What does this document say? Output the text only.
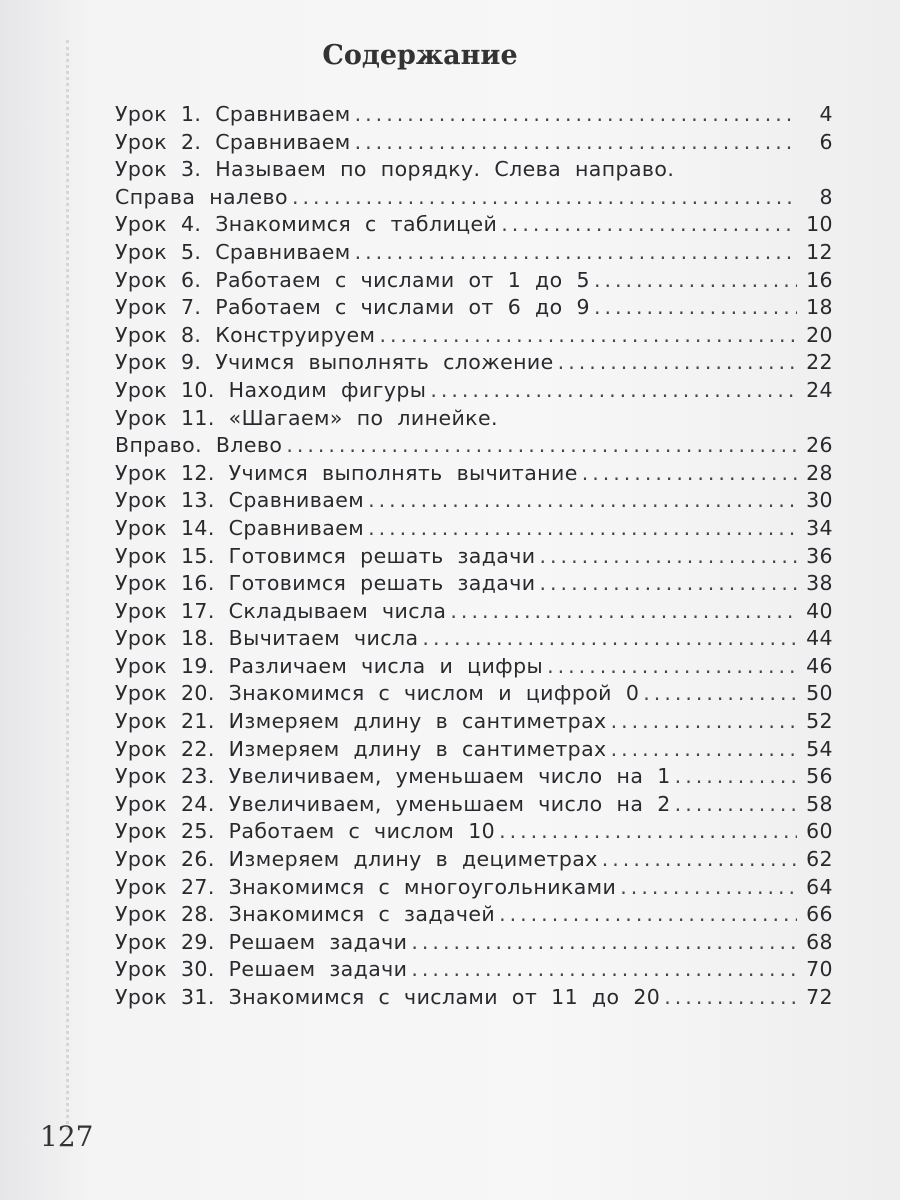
Содержание
Урок 1. Сравниваем .....	4
Урок 2. Сравниваем .....	6
Урок 3. Называем по порядку. Слева направо.
Справа налево .....	8
Урок 4. Знакомимся с таблицей .....	10
Урок 5. Сравниваем .....	12
Урок 6. Работаем с числами от 1 до 5 .....	16
Урок 7. Работаем с числами от 6 до 9 .....	18
Урок 8. Конструируем .....	20
Урок 9. Учимся выполнять сложение .....	22
Урок 10. Находим фигуры .....	24
Урок 11. «Шагаем» по линейке.
Вправо. Влево .....	26
Урок 12. Учимся выполнять вычитание .....	28
Урок 13. Сравниваем .....	30
Урок 14. Сравниваем .....	34
Урок 15. Готовимся решать задачи .....	36
Урок 16. Готовимся решать задачи .....	38
Урок 17. Складываем числа .....	40
Урок 18. Вычитаем числа .....	44
Урок 19. Различаем числа и цифры .....	46
Урок 20. Знакомимся с числом и цифрой 0 .....	50
Урок 21. Измеряем длину в сантиметрах .....	52
Урок 22. Измеряем длину в сантиметрах .....	54
Урок 23. Увеличиваем, уменьшаем число на 1 .....	56
Урок 24. Увеличиваем, уменьшаем число на 2 .....	58
Урок 25. Работаем с числом 10 .....	60
Урок 26. Измеряем длину в дециметрах .....	62
Урок 27. Знакомимся с многоугольниками .....	64
Урок 28. Знакомимся с задачей .....	66
Урок 29. Решаем задачи .....	68
Урок 30. Решаем задачи .....	70
Урок 31. Знакомимся с числами от 11 до 20 .....	72
127
